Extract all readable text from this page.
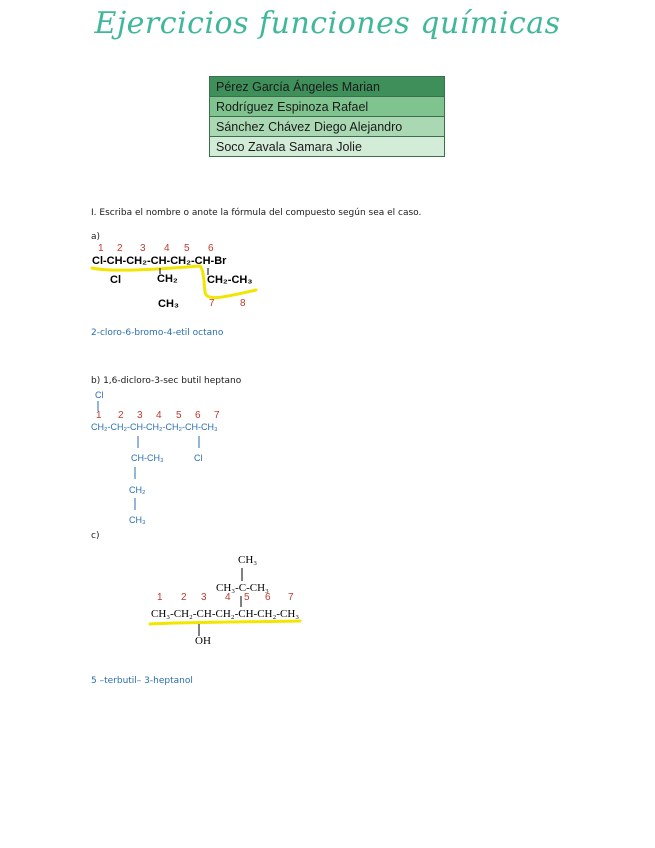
Ejercicios funciones químicas
Pérez García Ángeles Marian
Rodríguez Espinoza Rafael
Sánchez Chávez Diego Alejandro
Soco Zavala Samara Jolie
I. Escriba el nombre o anote la fórmula del compuesto según sea el caso.
a)
1 2 3 4 5 6
Cl-CH-CH₂-CH-CH₂-CH-Br
Cl	CH₂
CH₃
CH₂-CH₃
7	8
2-cloro-6-bromo-4-etil octano
b) 1,6-dicloro-3-sec butil heptano
Cl
1 2 3 4 5 6 7
CH₂-CH₂-CH-CH₂-CH₂-CH-CH₃
CH-CH₃	Cl
CH₂
CH₃
c)
CH₃
CH₃-C-CH₃
1 2 3 4 5 6 7
CH₃-CH₂-CH-CH₂-CH-CH₂-CH₃
OH
5 –terbutil– 3-heptanol
